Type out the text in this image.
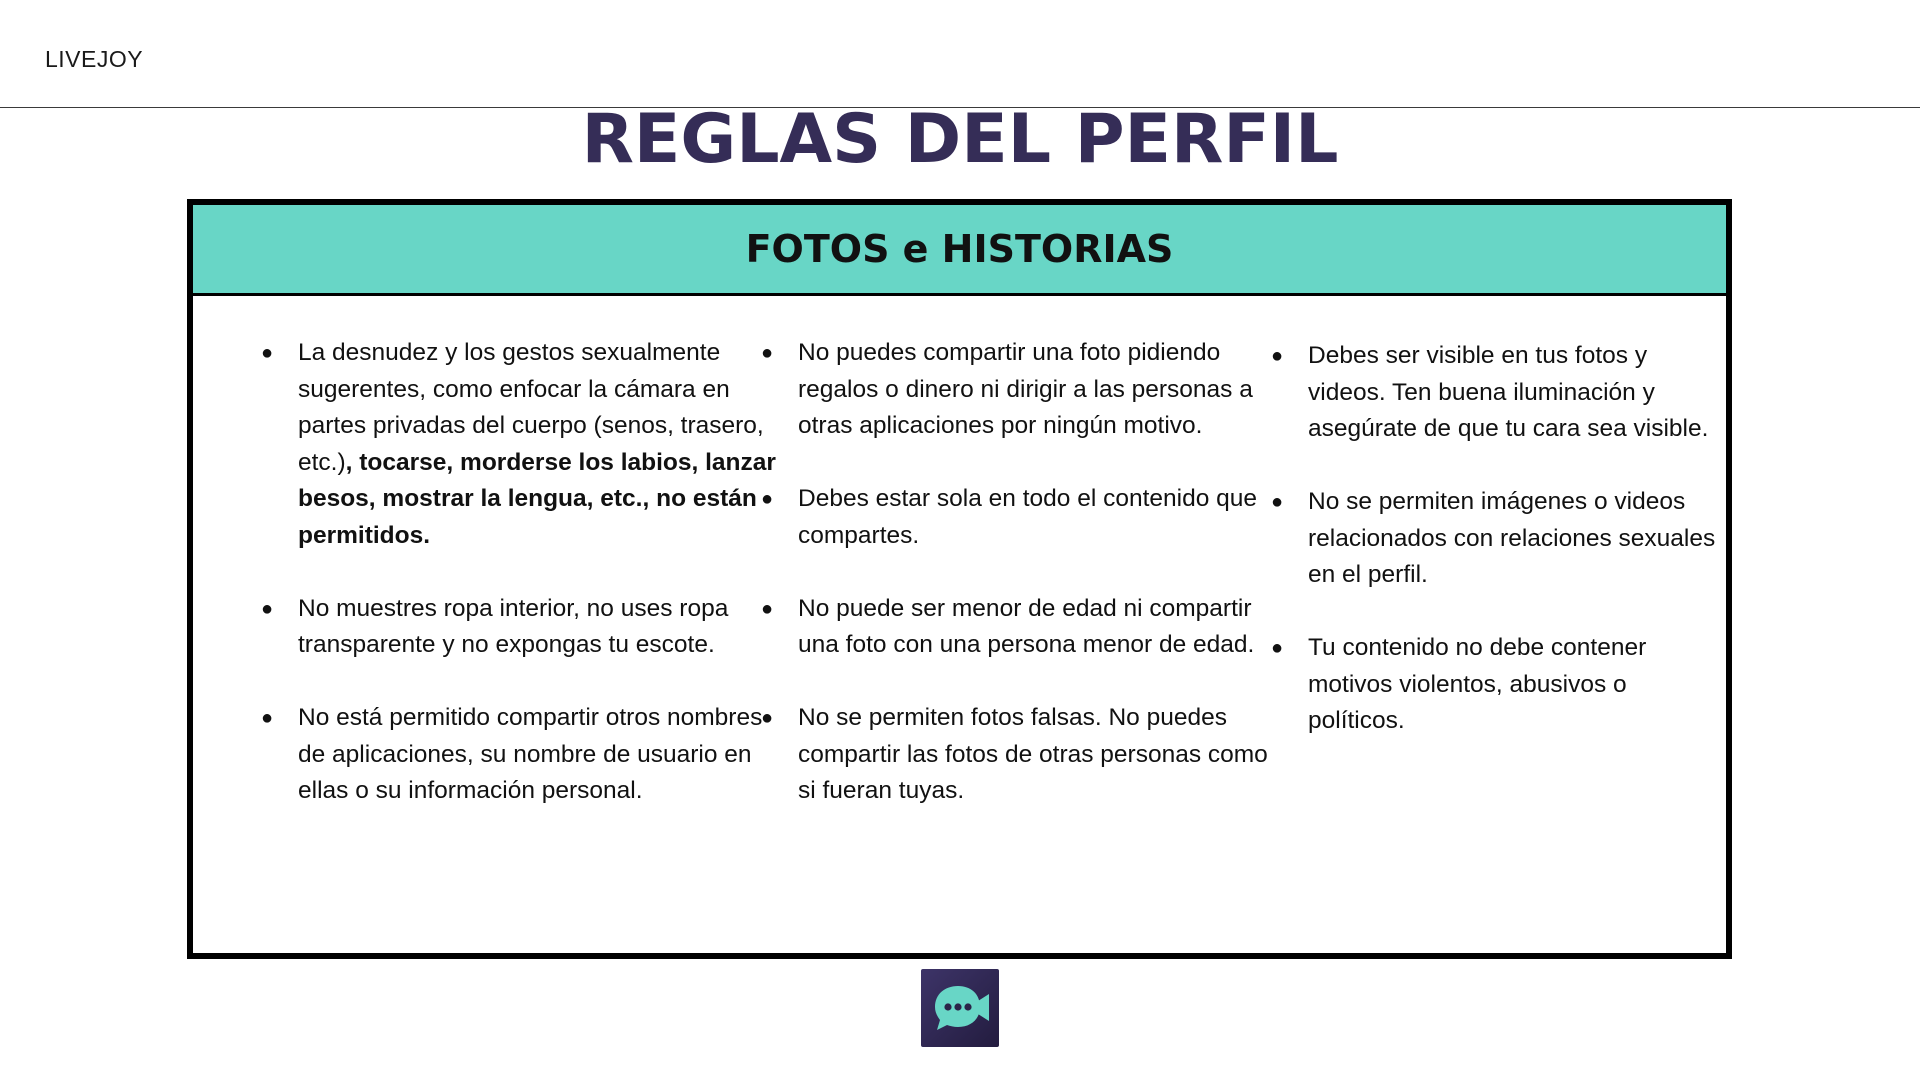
LIVEJOY
REGLAS DEL PERFIL
FOTOS e HISTORIAS
● La desnudez y los gestos sexualmente sugerentes, como enfocar la cámara en partes privadas del cuerpo (senos, trasero, etc.), tocarse, morderse los labios, lanzar besos, mostrar la lengua, etc., no están permitidos.
● No muestres ropa interior, no uses ropa transparente y no expongas tu escote.
● No está permitido compartir otros nombres de aplicaciones, su nombre de usuario en ellas o su información personal.
● No puedes compartir una foto pidiendo regalos o dinero ni dirigir a las personas a otras aplicaciones por ningún motivo.
● Debes estar sola en todo el contenido que compartes.
● No puede ser menor de edad ni compartir una foto con una persona menor de edad.
● No se permiten fotos falsas. No puedes compartir las fotos de otras personas como si fueran tuyas.
● Debes ser visible en tus fotos y videos. Ten buena iluminación y asegúrate de que tu cara sea visible.
● No se permiten imágenes o videos relacionados con relaciones sexuales en el perfil.
● Tu contenido no debe contener motivos violentos, abusivos o políticos.
